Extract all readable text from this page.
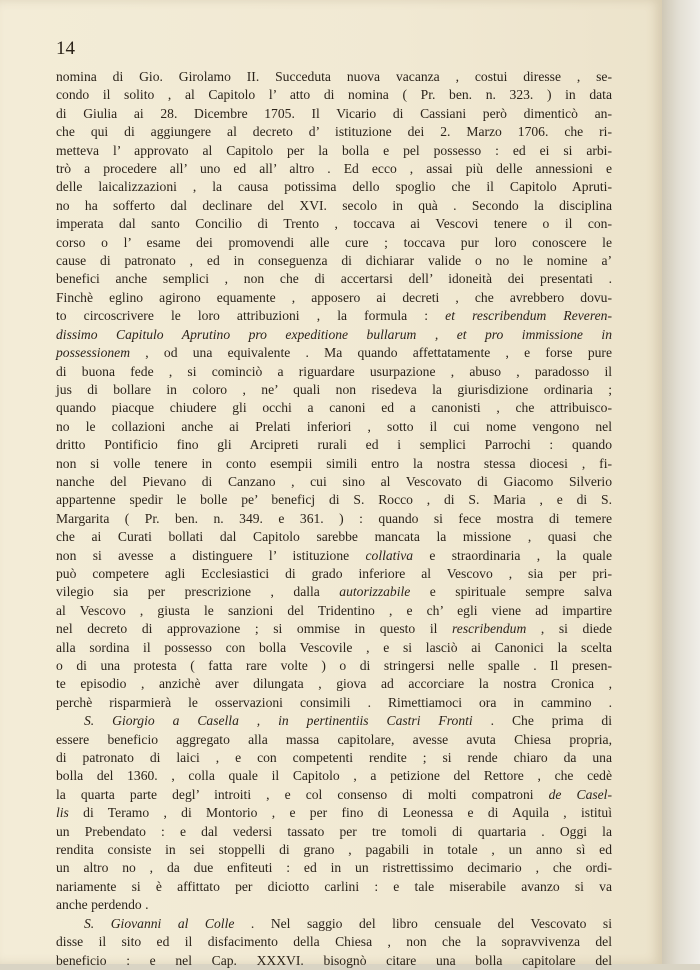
14

nomina di Gio. Girolamo II. Succeduta nuova vacanza , costui diresse , se-
condo il solito , al Capitolo l’ atto di nomina ( Pr. ben. n. 323. ) in data
di Giulia ai 28. Dicembre 1705. Il Vicario di Cassiani però dimenticò an-
che qui di aggiungere al decreto d’ istituzione dei 2. Marzo 1706. che ri-
metteva l’ approvato al Capitolo per la bolla e pel possesso : ed ei si arbi-
trò a procedere all’ uno ed all’ altro . Ed ecco , assai più delle annessioni e
delle laicalizzazioni , la causa potissima dello spoglio che il Capitolo Apruti-
no ha sofferto dal declinare del XVI. secolo in quà . Secondo la disciplina
imperata dal santo Concilio di Trento , toccava ai Vescovi tenere o il con-
corso o l’ esame dei promovendi alle cure ; toccava pur loro conoscere le
cause di patronato , ed in conseguenza di dichiarar valide o no le nomine a’
benefici anche semplici , non che di accertarsi dell’ idoneità dei presentati .
Finchè eglino agirono equamente , apposero ai decreti , che avrebbero dovu-
to circoscrivere le loro attribuzioni , la formula : et rescribendum Reveren-
dissimo Capitulo Aprutino pro expeditione bullarum , et pro immissione in
possessionem , od una equivalente . Ma quando affettatamente , e forse pure
di buona fede , si cominciò a riguardare usurpazione , abuso , paradosso il
jus di bollare in coloro , ne’ quali non risedeva la giurisdizione ordinaria ;
quando piacque chiudere gli occhi a canoni ed a canonisti , che attribuisco-
no le collazioni anche ai Prelati inferiori , sotto il cui nome vengono nel
dritto Pontificio fino gli Arcipreti rurali ed i semplici Parrochi : quando
non si volle tenere in conto esempii simili entro la nostra stessa diocesi , fi-
nanche del Pievano di Canzano , cui sino al Vescovato di Giacomo Silverio
appartenne spedir le bolle pe’ beneficj di S. Rocco , di S. Maria , e di S.
Margarita ( Pr. ben. n. 349. e 361. ) : quando si fece mostra di temere
che ai Curati bollati dal Capitolo sarebbe mancata la missione , quasi che
non si avesse a distinguere l’ istituzione collativa e straordinaria , la quale
può competere agli Ecclesiastici di grado inferiore al Vescovo , sia per pri-
vilegio sia per prescrizione , dalla autorizzabile e spirituale sempre salva
al Vescovo , giusta le sanzioni del Tridentino , e ch’ egli viene ad impartire
nel decreto di approvazione ; si ommise in questo il rescribendum , si diede
alla sordina il possesso con bolla Vescovile , e si lasciò ai Canonici la scelta
o di una protesta ( fatta rare volte ) o di stringersi nelle spalle . Il presen-
te episodio , anzichè aver dilungata , giova ad accorciare la nostra Cronica ,
perchè risparmierà le osservazioni consimili . Rimettiamoci ora in cammino .
S. Giorgio a Casella , in pertinentiis Castri Fronti . Che prima di
essere beneficio aggregato alla massa capitolare, avesse avuta Chiesa propria,
di patronato di laici , e con competenti rendite ; si rende chiaro da una
bolla del 1360. , colla quale il Capitolo , a petizione del Rettore , che cedè
la quarta parte degl’ introiti , e col consenso di molti compatroni de Casel-
lis di Teramo , di Montorio , e per fino di Leonessa e di Aquila , istituì
un Prebendato : e dal vedersi tassato per tre tomoli di quartaria . Oggi la
rendita consiste in sei stoppelli di grano , pagabili in totale , un anno sì ed
un altro no , da due enfiteuti : ed in un ristrettissimo decimario , che ordi-
nariamente si è affittato per diciotto carlini : e tale miserabile avanzo si va
anche perdendo .
S. Giovanni al Colle . Nel saggio del libro censuale del Vescovato si
disse il sito ed il disfacimento della Chiesa , non che la sopravvivenza del
beneficio : e nel Cap. XXXVI. bisognò citare una bolla capitolare del
